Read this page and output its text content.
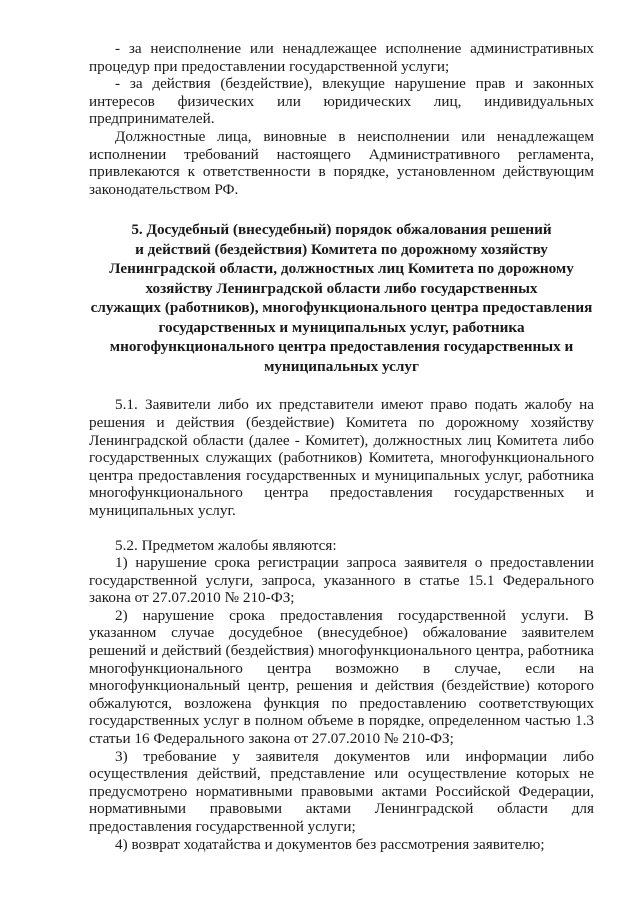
- за неисполнение или ненадлежащее исполнение административных процедур при предоставлении государственной услуги;

- за действия (бездействие), влекущие нарушение прав и законных интересов физических или юридических лиц, индивидуальных предпринимателей.

Должностные лица, виновные в неисполнении или ненадлежащем исполнении требований настоящего Административного регламента, привлекаются к ответственности в порядке, установленном действующим законодательством РФ.

5. Досудебный (внесудебный) порядок обжалования решений
и действий (бездействия) Комитета по дорожному хозяйству
Ленинградской области, должностных лиц Комитета по дорожному
хозяйству Ленинградской области либо государственных
служащих (работников), многофункционального центра предоставления
государственных и муниципальных услуг, работника
многофункционального центра предоставления государственных и
муниципальных услуг

5.1. Заявители либо их представители имеют право подать жалобу на решения и действия (бездействие) Комитета по дорожному хозяйству Ленинградской области (далее - Комитет), должностных лиц Комитета либо государственных служащих (работников) Комитета, многофункционального центра предоставления государственных и муниципальных услуг, работника многофункционального центра предоставления государственных и муниципальных услуг.

5.2. Предметом жалобы являются:

1) нарушение срока регистрации запроса заявителя о предоставлении государственной услуги, запроса, указанного в статье 15.1 Федерального закона от 27.07.2010 № 210-ФЗ;

2) нарушение срока предоставления государственной услуги. В указанном случае досудебное (внесудебное) обжалование заявителем решений и действий (бездействия) многофункционального центра, работника многофункционального центра возможно в случае, если на многофункциональный центр, решения и действия (бездействие) которого обжалуются, возложена функция по предоставлению соответствующих государственных услуг в полном объеме в порядке, определенном частью 1.3 статьи 16 Федерального закона от 27.07.2010 № 210-ФЗ;

3) требование у заявителя документов или информации либо осуществления действий, представление или осуществление которых не предусмотрено нормативными правовыми актами Российской Федерации, нормативными правовыми актами Ленинградской области для предоставления государственной услуги;

4) возврат ходатайства и документов без рассмотрения заявителю;
